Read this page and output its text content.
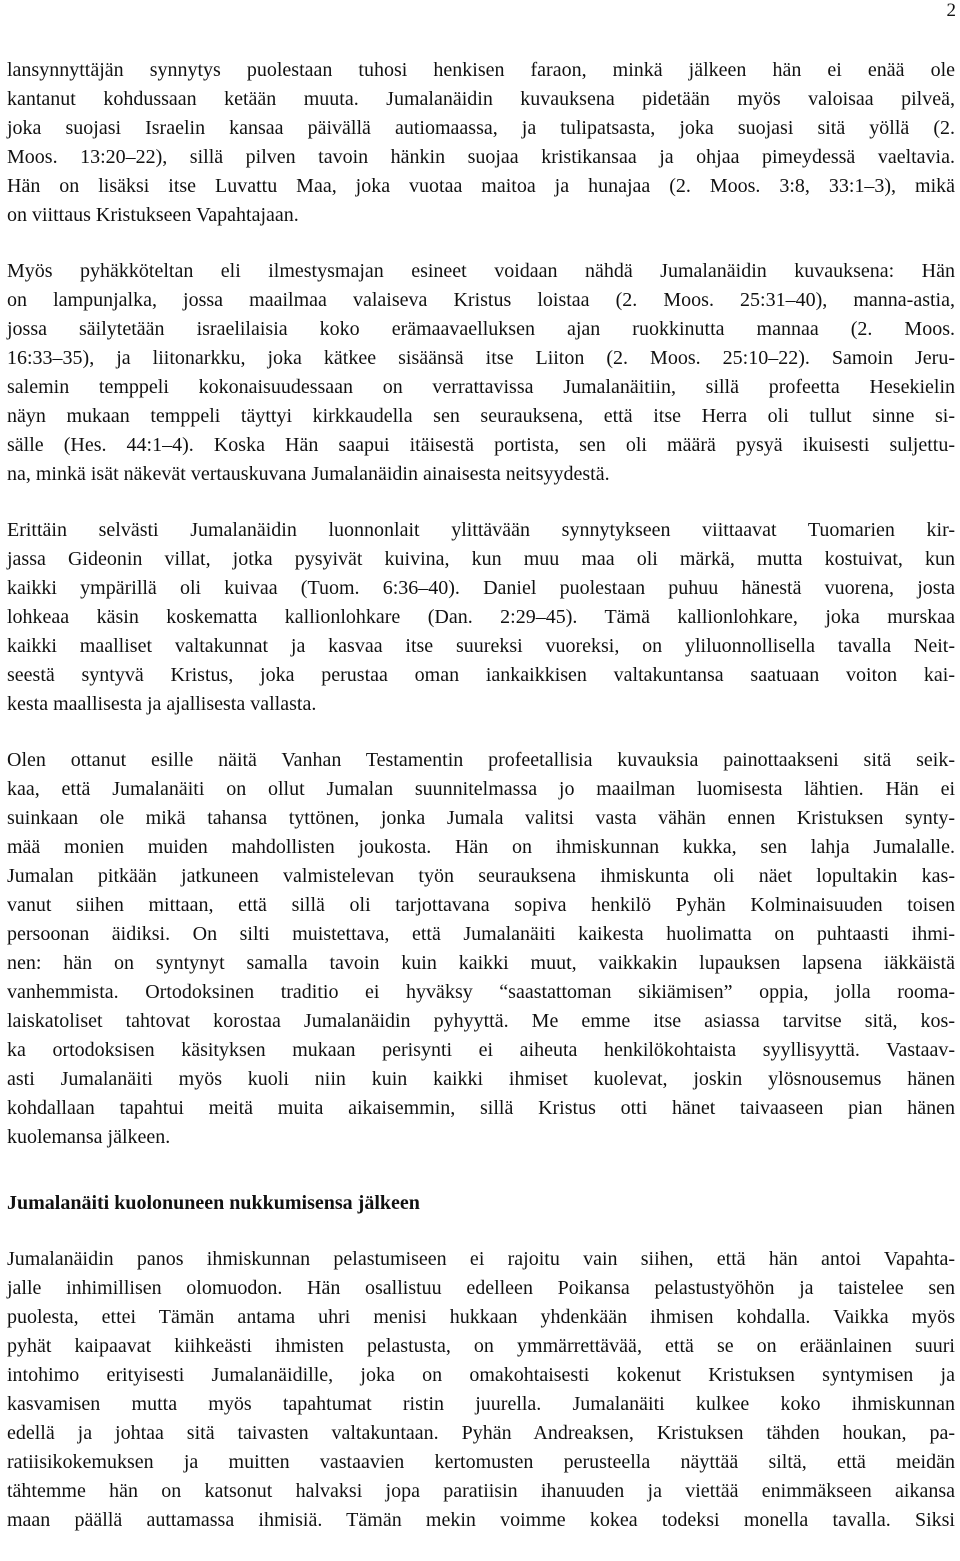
2
lansynnyttäjän synnytys puolestaan tuhosi henkisen faraon, minkä jälkeen hän ei enää ole
kantanut kohdussaan ketään muuta. Jumalanäidin kuvauksena pidetään myös valoisaa pilveä,
joka suojasi Israelin kansaa päivällä autiomaassa, ja tulipatsasta, joka suojasi sitä yöllä (2.
Moos. 13:20–22), sillä pilven tavoin hänkin suojaa kristikansaa ja ohjaa pimeydessä vaeltavia.
Hän on lisäksi itse Luvattu Maa, joka vuotaa maitoa ja hunajaa (2. Moos. 3:8, 33:1–3), mikä
on viittaus Kristukseen Vapahtajaan.
Myös pyhäkköteltan eli ilmestysmajan esineet voidaan nähdä Jumalanäidin kuvauksena: Hän
on lampunjalka, jossa maailmaa valaiseva Kristus loistaa (2. Moos. 25:31–40), manna-astia,
jossa säilytetään israelilaisia koko erämaavaelluksen ajan ruokkinutta mannaa (2. Moos.
16:33–35), ja liitonarkku, joka kätkee sisäänsä itse Liiton (2. Moos. 25:10–22). Samoin Jeru-
salemin temppeli kokonaisuudessaan on verrattavissa Jumalanäitiin, sillä profeetta Hesekielin
näyn mukaan temppeli täyttyi kirkkaudella sen seurauksena, että itse Herra oli tullut sinne si-
sälle (Hes. 44:1–4). Koska Hän saapui itäisestä portista, sen oli määrä pysyä ikuisesti suljettu-
na, minkä isät näkevät vertauskuvana Jumalanäidin ainaisesta neitsyydestä.
Erittäin selvästi Jumalanäidin luonnonlait ylittävään synnytykseen viittaavat Tuomarien kir-
jassa Gideonin villat, jotka pysyivät kuivina, kun muu maa oli märkä, mutta kostuivat, kun
kaikki ympärillä oli kuivaa (Tuom. 6:36–40). Daniel puolestaan puhuu hänestä vuorena, josta
lohkeaa käsin koskematta kallionlohkare (Dan. 2:29–45). Tämä kallionlohkare, joka murskaa
kaikki maalliset valtakunnat ja kasvaa itse suureksi vuoreksi, on yliluonnollisella tavalla Neit-
seestä syntyvä Kristus, joka perustaa oman iankaikkisen valtakuntansa saatuaan voiton kai-
kesta maallisesta ja ajallisesta vallasta.
Olen ottanut esille näitä Vanhan Testamentin profeetallisia kuvauksia painottaakseni sitä seik-
kaa, että Jumalanäiti on ollut Jumalan suunnitelmassa jo maailman luomisesta lähtien. Hän ei
suinkaan ole mikä tahansa tyttönen, jonka Jumala valitsi vasta vähän ennen Kristuksen synty-
mää monien muiden mahdollisten joukosta. Hän on ihmiskunnan kukka, sen lahja Jumalalle.
Jumalan pitkään jatkuneen valmistelevan työn seurauksena ihmiskunta oli näet lopultakin kas-
vanut siihen mittaan, että sillä oli tarjottavana sopiva henkilö Pyhän Kolminaisuuden toisen
persoonan äidiksi. On silti muistettava, että Jumalanäiti kaikesta huolimatta on puhtaasti ihmi-
nen: hän on syntynyt samalla tavoin kuin kaikki muut, vaikkakin lupauksen lapsena iäkkäistä
vanhemmista. Ortodoksinen traditio ei hyväksy “saastattoman sikiämisen” oppia, jolla rooma-
laiskatoliset tahtovat korostaa Jumalanäidin pyhyyttä. Me emme itse asiassa tarvitse sitä, kos-
ka ortodoksisen käsityksen mukaan perisynti ei aiheuta henkilökohtaista syyllisyyttä. Vastaav-
asti Jumalanäiti myös kuoli niin kuin kaikki ihmiset kuolevat, joskin ylösnousemus hänen
kohdallaan tapahtui meitä muita aikaisemmin, sillä Kristus otti hänet taivaaseen pian hänen
kuolemansa jälkeen.
Jumalanäiti kuolonuneen nukkumisensa jälkeen
Jumalanäidin panos ihmiskunnan pelastumiseen ei rajoitu vain siihen, että hän antoi Vapahta-
jalle inhimillisen olomuodon. Hän osallistuu edelleen Poikansa pelastustyöhön ja taistelee sen
puolesta, ettei Tämän antama uhri menisi hukkaan yhdenkään ihmisen kohdalla. Vaikka myös
pyhät kaipaavat kiihkeästi ihmisten pelastusta, on ymmärrettävää, että se on eräänlainen suuri
intohimo erityisesti Jumalanäidille, joka on omakohtaisesti kokenut Kristuksen syntymisen ja
kasvamisen mutta myös tapahtumat ristin juurella. Jumalanäiti kulkee koko ihmiskunnan
edellä ja johtaa sitä taivasten valtakuntaan. Pyhän Andreaksen, Kristuksen tähden houkan, pa-
ratiisikokemuksen ja muitten vastaavien kertomusten perusteella näyttää siltä, että meidän
tähtemme hän on katsonut halvaksi jopa paratiisin ihanuuden ja viettää enimmäkseen aikansa
maan päällä auttamassa ihmisiä. Tämän mekin voimme kokea todeksi monella tavalla. Siksi
